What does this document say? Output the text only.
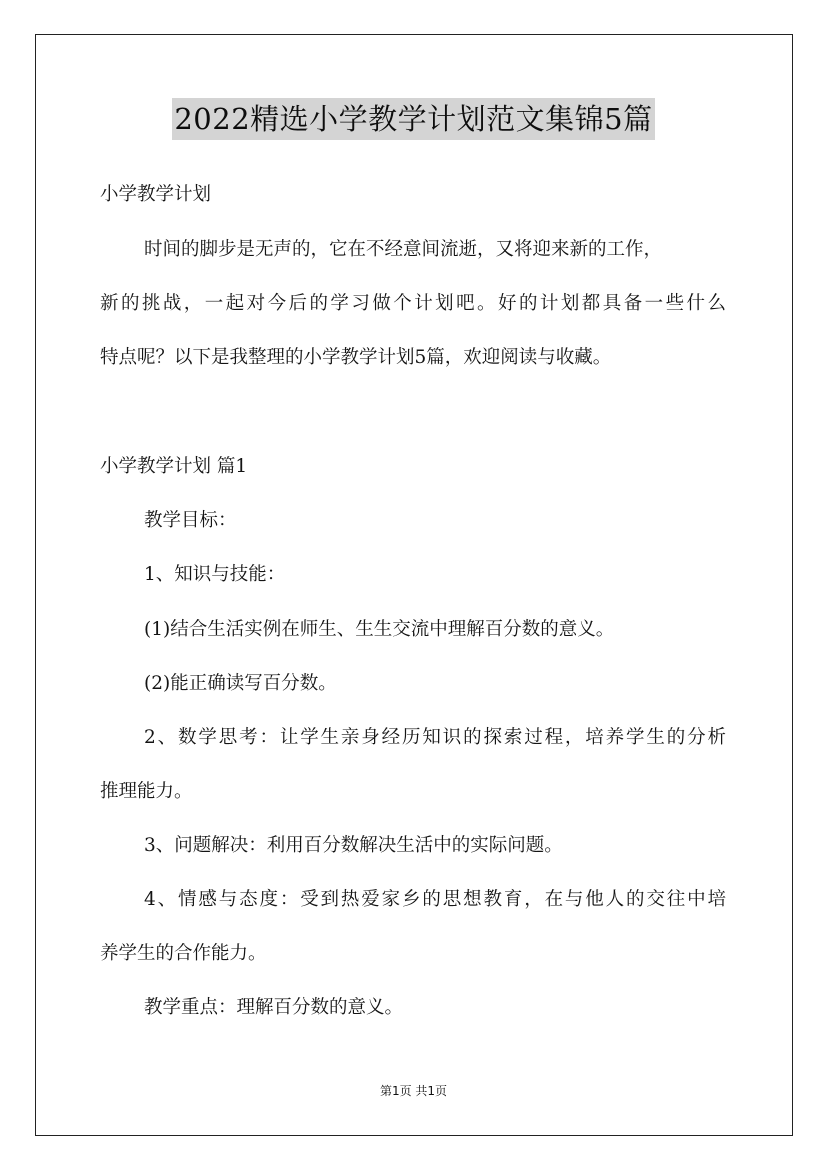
2022精选小学教学计划范文集锦5篇
小学教学计划
时间的脚步是无声的，它在不经意间流逝，又将迎来新的工作，
新的挑战，一起对今后的学习做个计划吧。好的计划都具备一些什么
特点呢？以下是我整理的小学教学计划5篇，欢迎阅读与收藏。
小学教学计划 篇1
教学目标：
1、知识与技能：
(1)结合生活实例在师生、生生交流中理解百分数的意义。
(2)能正确读写百分数。
2、数学思考：让学生亲身经历知识的探索过程，培养学生的分析
推理能力。
3、问题解决：利用百分数解决生活中的实际问题。
4、情感与态度：受到热爱家乡的思想教育，在与他人的交往中培
养学生的合作能力。
教学重点：理解百分数的意义。
第1页 共1页
